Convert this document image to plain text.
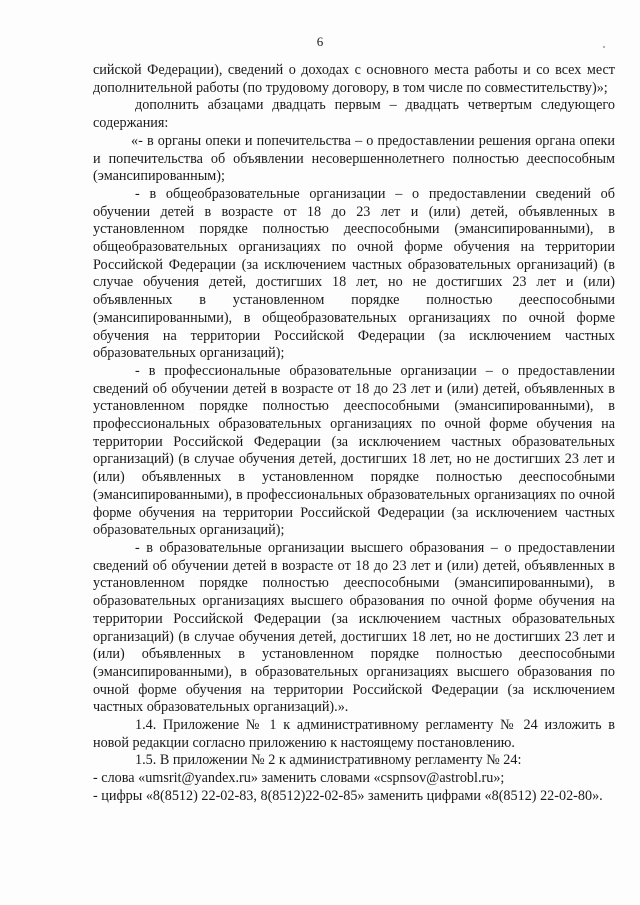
6

сийской Федерации), сведений о доходах с основного места работы и со всех мест дополнительной работы (по трудовому договору, в том числе по совместительству)»;

дополнить абзацами двадцать первым – двадцать четвертым следующего содержания:

«- в органы опеки и попечительства – о предоставлении решения органа опеки и попечительства об объявлении несовершеннолетнего полностью дееспособным (эмансипированным);

- в общеобразовательные организации – о предоставлении сведений об обучении детей в возрасте от 18 до 23 лет и (или) детей, объявленных в установленном порядке полностью дееспособными (эмансипированными), в общеобразовательных организациях по очной форме обучения на территории Российской Федерации (за исключением частных образовательных организаций) (в случае обучения детей, достигших 18 лет, но не достигших 23 лет и (или) объявленных в установленном порядке полностью дееспособными (эмансипированными), в общеобразовательных организациях по очной форме обучения на территории Российской Федерации (за исключением частных образовательных организаций);

- в профессиональные образовательные организации – о предоставлении сведений об обучении детей в возрасте от 18 до 23 лет и (или) детей, объявленных в установленном порядке полностью дееспособными (эмансипированными), в профессиональных образовательных организациях по очной форме обучения на территории Российской Федерации (за исключением частных образовательных организаций) (в случае обучения детей, достигших 18 лет, но не достигших 23 лет и (или) объявленных в установленном порядке полностью дееспособными (эмансипированными), в профессиональных образовательных организациях по очной форме обучения на территории Российской Федерации (за исключением частных образовательных организаций);

- в образовательные организации высшего образования – о предоставлении сведений об обучении детей в возрасте от 18 до 23 лет и (или) детей, объявленных в установленном порядке полностью дееспособными (эмансипированными), в образовательных организациях высшего образования по очной форме обучения на территории Российской Федерации (за исключением частных образовательных организаций) (в случае обучения детей, достигших 18 лет, но не достигших 23 лет и (или) объявленных в установленном порядке полностью дееспособными (эмансипированными), в образовательных организациях высшего образования по очной форме обучения на территории Российской Федерации (за исключением частных образовательных организаций).».

1.4. Приложение № 1 к административному регламенту № 24 изложить в новой редакции согласно приложению к настоящему постановлению.

1.5. В приложении № 2 к административному регламенту № 24:

- слова «umsrit@yandex.ru» заменить словами «cspnsov@astrobl.ru»;

- цифры «8(8512) 22-02-83, 8(8512)22-02-85» заменить цифрами «8(8512) 22-02-80».
